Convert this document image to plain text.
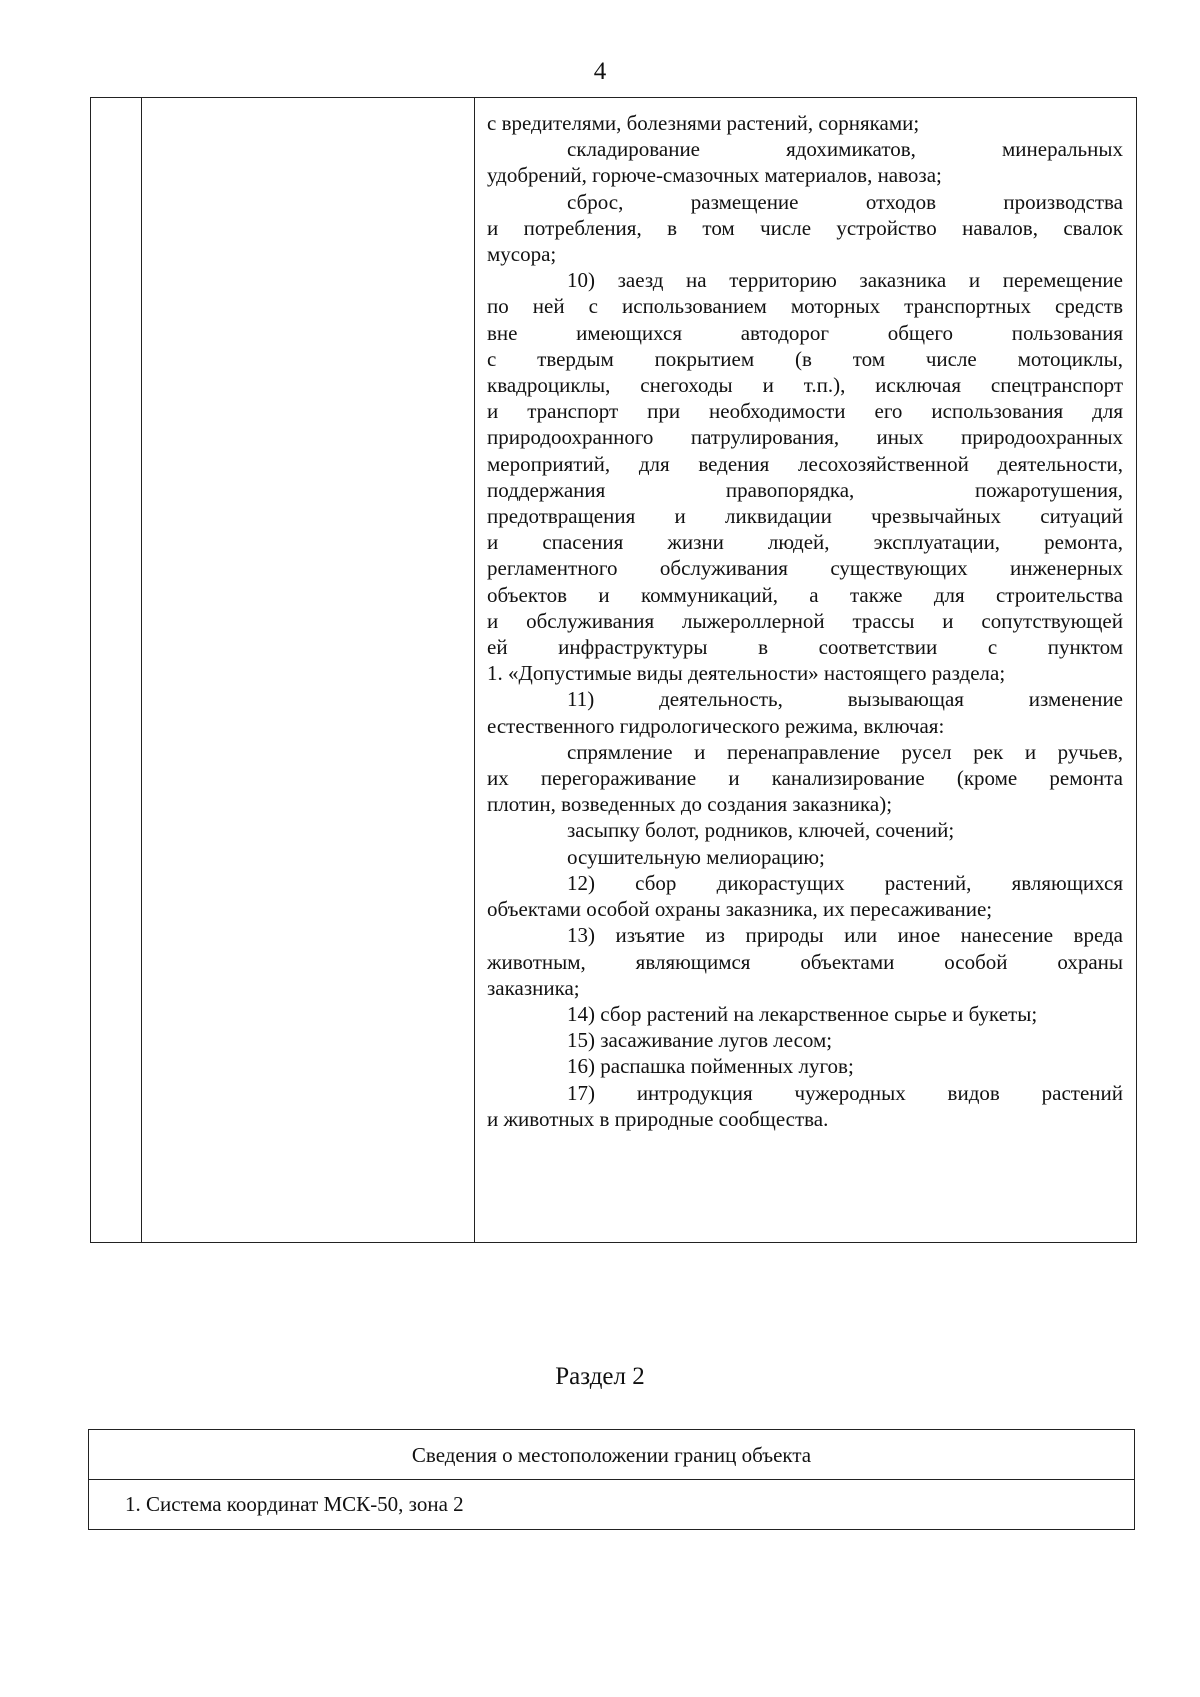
4
с вредителями, болезнями растений, сорняками;
складирование ядохимикатов, минеральных
удобрений, горюче-смазочных материалов, навоза;
сброс, размещение отходов производства
и потребления, в том числе устройство навалов, свалок
мусора;
10) заезд на территорию заказника и перемещение
по ней с использованием моторных транспортных средств
вне имеющихся автодорог общего пользования
с твердым покрытием (в том числе мотоциклы,
квадроциклы, снегоходы и т.п.), исключая спецтранспорт
и транспорт при необходимости его использования для
природоохранного патрулирования, иных природоохранных
мероприятий, для ведения лесохозяйственной деятельности,
поддержания правопорядка, пожаротушения,
предотвращения и ликвидации чрезвычайных ситуаций
и спасения жизни людей, эксплуатации, ремонта,
регламентного обслуживания существующих инженерных
объектов и коммуникаций, а также для строительства
и обслуживания лыжероллерной трассы и сопутствующей
ей инфраструктуры в соответствии с пунктом
1. «Допустимые виды деятельности» настоящего раздела;
11) деятельность, вызывающая изменение
естественного гидрологического режима, включая:
спрямление и перенаправление русел рек и ручьев,
их перегораживание и канализирование (кроме ремонта
плотин, возведенных до создания заказника);
засыпку болот, родников, ключей, сочений;
осушительную мелиорацию;
12) сбор дикорастущих растений, являющихся
объектами особой охраны заказника, их пересаживание;
13) изъятие из природы или иное нанесение вреда
животным, являющимся объектами особой охраны
заказника;
14) сбор растений на лекарственное сырье и букеты;
15) засаживание лугов лесом;
16) распашка пойменных лугов;
17) интродукция чужеродных видов растений
и животных в природные сообщества.
Раздел 2
Сведения о местоположении границ объекта
1. Система координат МСК-50, зона 2
